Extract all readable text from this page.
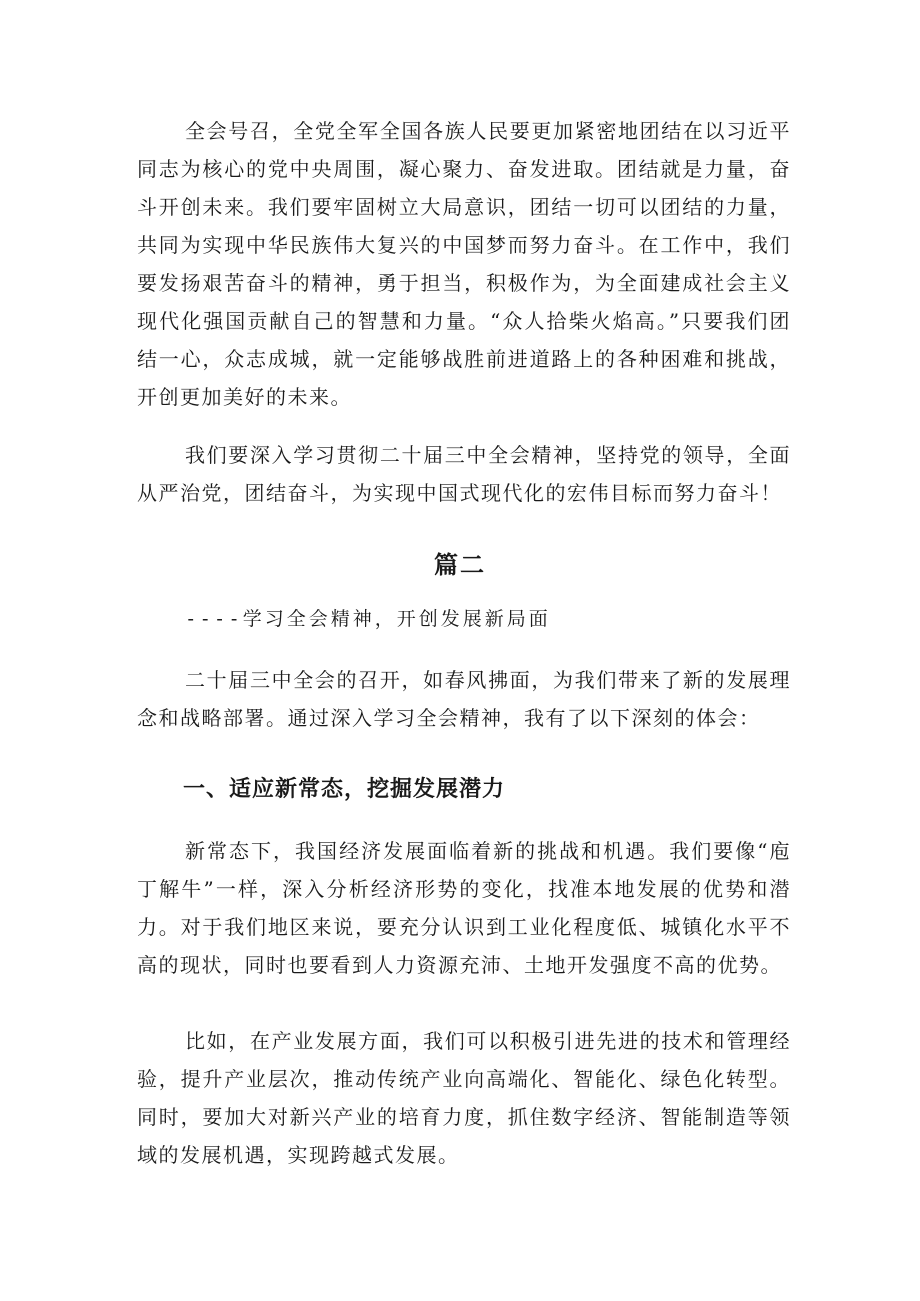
全会号召，全党全军全国各族人民要更加紧密地团结在以习近平同志为核心的党中央周围，凝心聚力、奋发进取。团结就是力量，奋斗开创未来。我们要牢固树立大局意识，团结一切可以团结的力量，共同为实现中华民族伟大复兴的中国梦而努力奋斗。在工作中，我们要发扬艰苦奋斗的精神，勇于担当，积极作为，为全面建成社会主义现代化强国贡献自己的智慧和力量。“众人拾柴火焰高。”只要我们团结一心，众志成城，就一定能够战胜前进道路上的各种困难和挑战，开创更加美好的未来。

我们要深入学习贯彻二十届三中全会精神，坚持党的领导，全面从严治党，团结奋斗，为实现中国式现代化的宏伟目标而努力奋斗！

篇二

----学习全会精神，开创发展新局面

二十届三中全会的召开，如春风拂面，为我们带来了新的发展理念和战略部署。通过深入学习全会精神，我有了以下深刻的体会：

一、适应新常态，挖掘发展潜力

新常态下，我国经济发展面临着新的挑战和机遇。我们要像“庖丁解牛”一样，深入分析经济形势的变化，找准本地发展的优势和潜力。对于我们地区来说，要充分认识到工业化程度低、城镇化水平不高的现状，同时也要看到人力资源充沛、土地开发强度不高的优势。

比如，在产业发展方面，我们可以积极引进先进的技术和管理经验，提升产业层次，推动传统产业向高端化、智能化、绿色化转型。同时，要加大对新兴产业的培育力度，抓住数字经济、智能制造等领域的发展机遇，实现跨越式发展。
